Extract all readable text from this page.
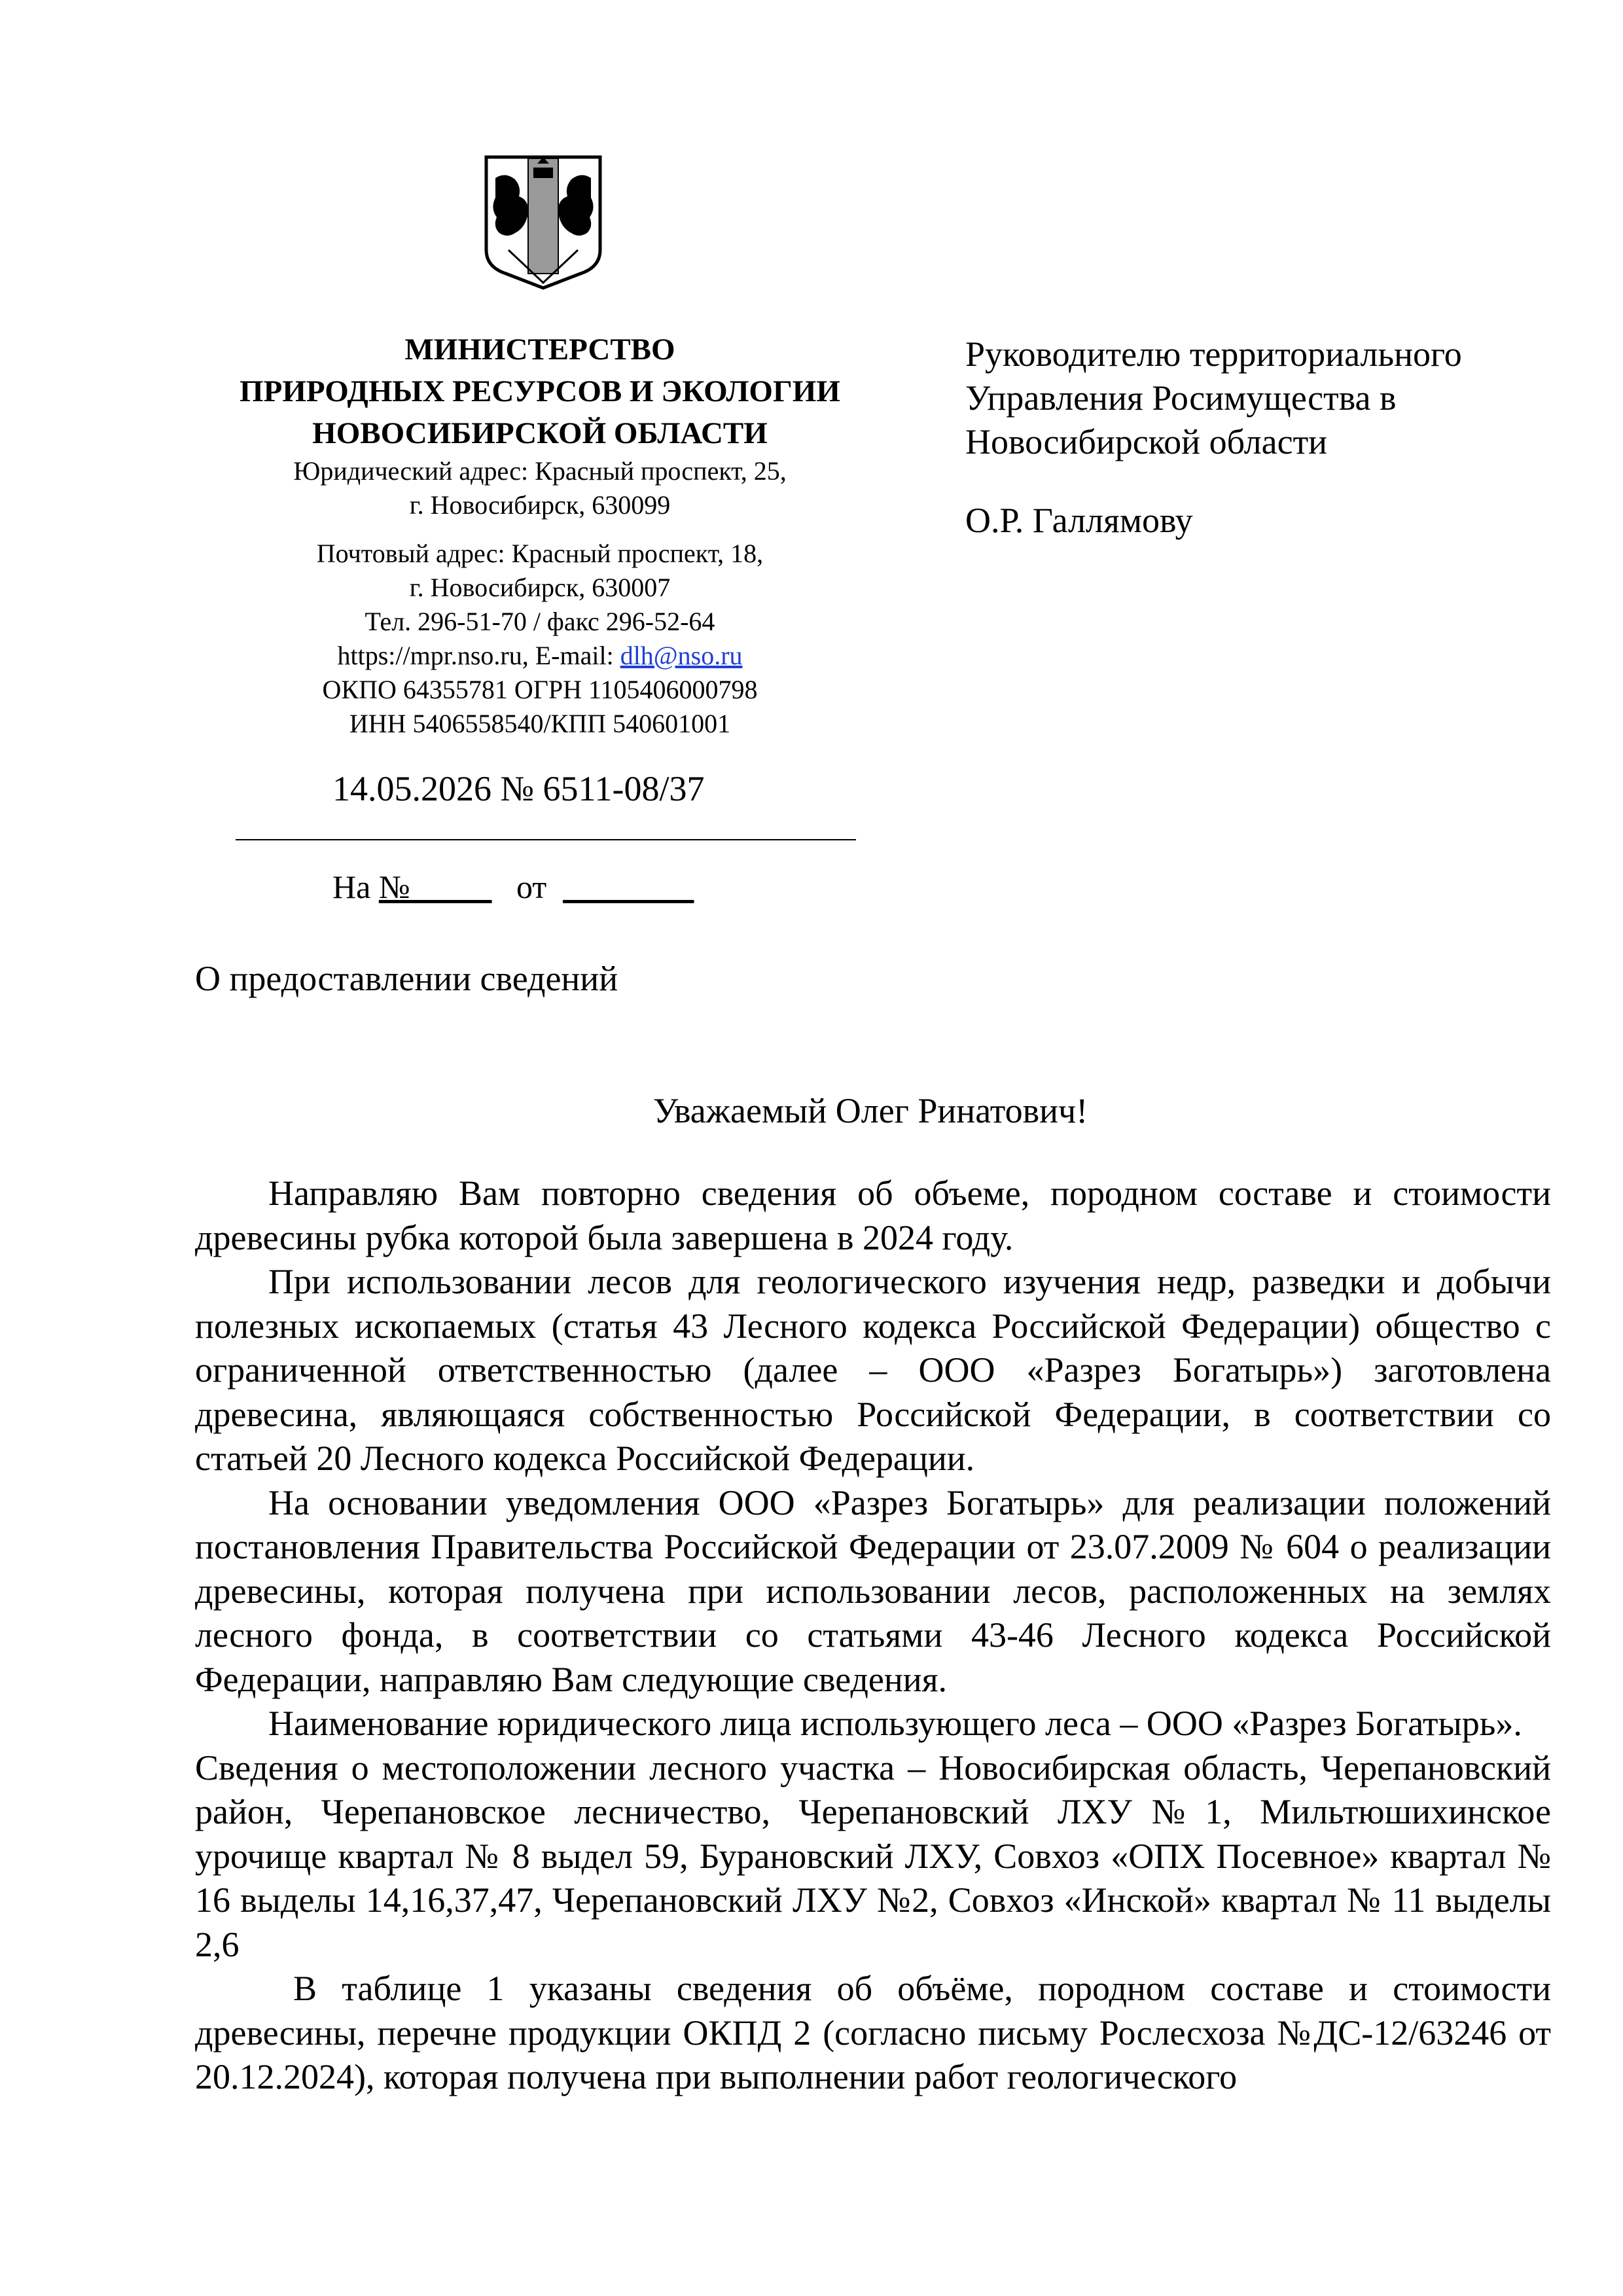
МИНИСТЕРСТВО
ПРИРОДНЫХ РЕСУРСОВ И ЭКОЛОГИИ
НОВОСИБИРСКОЙ ОБЛАСТИ
Юридический адрес: Красный проспект, 25,
г. Новосибирск, 630099
Почтовый адрес: Красный проспект, 18,
г. Новосибирск, 630007
Тел. 296-51-70 / факс 296-52-64
https://mpr.nso.ru, E-mail: dlh@nso.ru
ОКПО 64355781 ОГРН 1105406000798
ИНН 5406558540/КПП 540601001
14.05.2026 № 6511-08/37
На №	от ________
Руководителю территориального
Управления Росимущества в
Новосибирской области
О.Р. Галлямову
О предоставлении сведений
Уважаемый Олег Ринатович!

Направляю Вам повторно сведения об объеме, породном составе и стоимости древесины рубка которой была завершена в 2024 году.

При использовании лесов для геологического изучения недр, разведки и добычи полезных ископаемых (статья 43 Лесного кодекса Российской Федерации) общество с ограниченной ответственностью (далее – ООО «Разрез Богатырь») заготовлена древесина, являющаяся собственностью Российской Федерации, в соответствии со статьей 20 Лесного кодекса Российской Федерации.

На основании уведомления ООО «Разрез Богатырь» для реализации положений постановления Правительства Российской Федерации от 23.07.2009 № 604 о реализации древесины, которая получена при использовании лесов, расположенных на землях лесного фонда, в соответствии со статьями 43-46 Лесного кодекса Российской Федерации, направляю Вам следующие сведения.

Наименование юридического лица использующего леса – ООО «Разрез Богатырь».

Сведения о местоположении лесного участка – Новосибирская область, Черепановский район, Черепановское лесничество, Черепановский ЛХУ№1, Мильтюшихинское урочище квартал № 8 выдел 59, Бурановский ЛХУ, Совхоз «ОПХ Посевное» квартал № 16 выделы 14,16,37,47, Черепановский ЛХУ №2, Совхоз «Инской» квартал № 11 выделы 2,6

В таблице 1 указаны сведения об объёме, породном составе и стоимости древесины, перечне продукции ОКПД 2 (согласно письму Рослесхоза №ДС-12/63246 от 20.12.2024), которая получена при выполнении работ геологического
